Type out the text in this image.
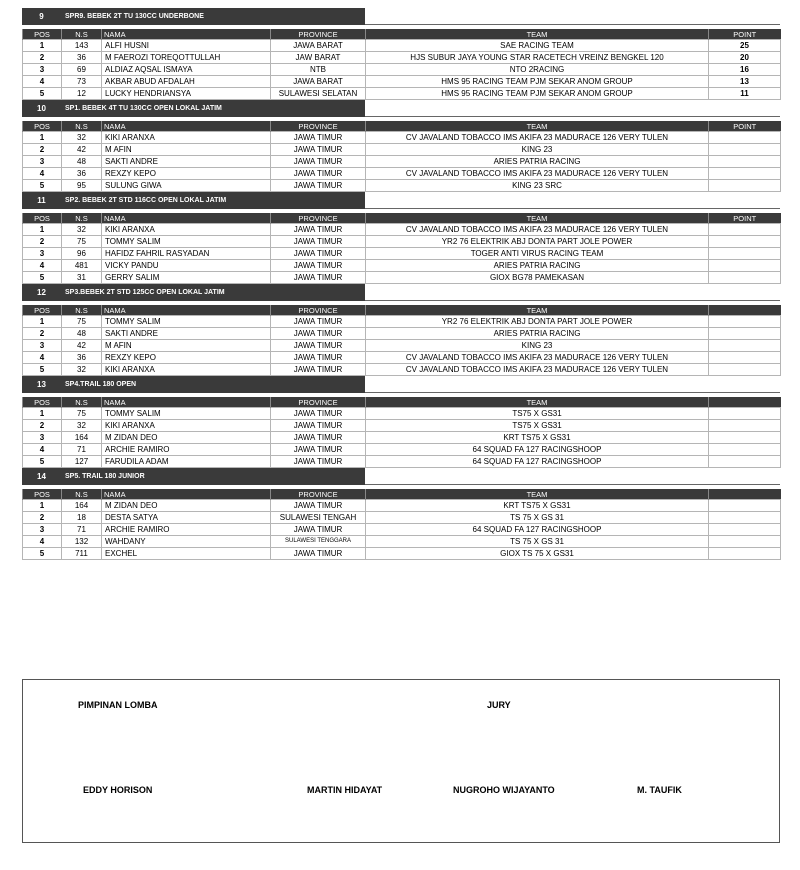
9	SPR9. BEBEK 2T TU 130CC UNDERBONE
POS	N.S	NAMA	PROVINCE	TEAM	POINT
1	143	ALFI HUSNI	JAWA BARAT	SAE RACING TEAM	25
2	36	M FAEROZI TOREQOTTULLAH	JAW BARAT	HJS SUBUR JAYA YOUNG STAR RACETECH VREINZ BENGKEL 120	20
3	69	ALDIAZ AQSAL ISMAYA	NTB	NTO 2RACING	16
4	73	AKBAR ABUD AFDALAH	JAWA BARAT	HMS 95 RACING TEAM PJM SEKAR ANOM GROUP	13
5	12	LUCKY HENDRIANSYA	SULAWESI SELATAN	HMS 95 RACING TEAM PJM SEKAR ANOM GROUP	11
10	SP1. BEBEK 4T TU 130CC OPEN LOKAL JATIM
POS	N.S	NAMA	PROVINCE	TEAM	POINT
1	32	KIKI ARANXA	JAWA TIMUR	CV JAVALAND TOBACCO IMS AKIFA 23 MADURACE 126 VERY TULEN	
2	42	M AFIN	JAWA TIMUR	KING 23	
3	48	SAKTI ANDRE	JAWA TIMUR	ARIES PATRIA RACING	
4	36	REXZY KEPO	JAWA TIMUR	CV JAVALAND TOBACCO IMS AKIFA 23 MADURACE 126 VERY TULEN	
5	95	SULUNG GIWA	JAWA TIMUR	KING 23 SRC	
11	SP2. BEBEK 2T STD 116CC OPEN LOKAL JATIM
POS	N.S	NAMA	PROVINCE	TEAM	POINT
1	32	KIKI ARANXA	JAWA TIMUR	CV JAVALAND TOBACCO IMS AKIFA 23 MADURACE 126 VERY TULEN	
2	75	TOMMY SALIM	JAWA TIMUR	YR2 76 ELEKTRIK ABJ DONTA PART JOLE POWER	
3	96	HAFIDZ FAHRIL RASYADAN	JAWA TIMUR	TOGER ANTI VIRUS RACING TEAM	
4	481	VICKY PANDU	JAWA TIMUR	ARIES PATRIA RACING	
5	31	GERRY SALIM	JAWA TIMUR	GIOX BG78 PAMEKASAN	
12	SP3.BEBEK 2T STD 125CC OPEN LOKAL JATIM
POS	N.S	NAMA	PROVINCE	TEAM	
1	75	TOMMY SALIM	JAWA TIMUR	YR2 76 ELEKTRIK ABJ DONTA PART JOLE POWER	
2	48	SAKTI ANDRE	JAWA TIMUR	ARIES PATRIA RACING	
3	42	M AFIN	JAWA TIMUR	KING 23	
4	36	REXZY KEPO	JAWA TIMUR	CV JAVALAND TOBACCO IMS AKIFA 23 MADURACE 126 VERY TULEN	
5	32	KIKI ARANXA	JAWA TIMUR	CV JAVALAND TOBACCO IMS AKIFA 23 MADURACE 126 VERY TULEN	
13	SP4.TRAIL 180 OPEN
POS	N.S	NAMA	PROVINCE	TEAM	
1	75	TOMMY SALIM	JAWA TIMUR	TS75 X GS31	
2	32	KIKI ARANXA	JAWA TIMUR	TS75 X GS31	
3	164	M ZIDAN DEO	JAWA TIMUR	KRT TS75 X GS31	
4	71	ARCHIE RAMIRO	JAWA TIMUR	64 SQUAD FA 127 RACINGSHOOP	
5	127	FARUDILA ADAM	JAWA TIMUR	64 SQUAD FA 127 RACINGSHOOP	
14	SP5. TRAIL 180 JUNIOR
POS	N.S	NAMA	PROVINCE	TEAM	
1	164	M ZIDAN DEO	JAWA TIMUR	KRT TS75 X GS31	
2	18	DESTA SATYA	SULAWESI TENGAH	TS 75 X GS 31	
3	71	ARCHIE RAMIRO	JAWA TIMUR	64 SQUAD FA 127 RACINGSHOOP	
4	132	WAHDANY	SULAWESI TENGGARA	TS 75 X GS 31	
5	711	EXCHEL	JAWA TIMUR	GIOX TS 75 X GS31	
PIMPINAN LOMBA	JURY
EDDY HORISON	MARTIN HIDAYAT	NUGROHO WIJAYANTO	M. TAUFIK
